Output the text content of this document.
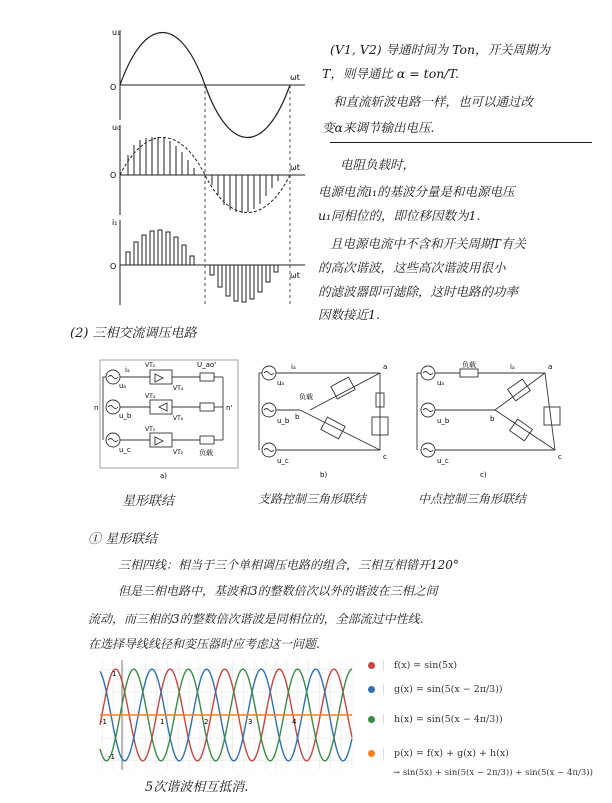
u₁
O
ωt
u₀
O
ωt
i₁
O
ωt
(V1, V2) 导通时间为 Ton，开关周期为
T，则导通比 α = ton/T.
和直流斩波电路一样，也可以通过改
变α来调节输出电压.
电阻负载时，
电源电流i₁的基波分量是和电源电压
u₁同相位的，即位移因数为1.
且电源电流中不含和开关周期T有关
的高次谐波，这些高次谐波用很小
的滤波器即可滤除，这时电路的功率
因数接近1.
(2) 三相交流调压电路
iₐ
uₐ
u_b
u_c
VT₁
VT₄
VT₃
VT₆
VT₅
VT₂
U_ao'
n	n'
负载
a)
iₐ
uₐ
u_b
u_c
a
b
c
负载
b)
iₐ
uₐ
u_b
u_c
a
b
c
负载
c)
星形联结	支路控制三角形联结	中点控制三角形联结
① 星形联结
三相四线：相当于三个单相调压电路的组合，三相互相错开120°
但是三相电路中，基波和3的整数倍次以外的谐波在三相之间
流动，而三相的3的整数倍次谐波是同相位的，全部流过中性线.
在选择导线线径和变压器时应考虑这一问题.
1
-1
-1	1	2	3	4
5次谐波相互抵消.
f(x) = sin(5x)
g(x) = sin(5(x − 2π/3))
h(x) = sin(5(x − 4π/3))
p(x) = f(x) + g(x) + h(x)
→ sin(5x) + sin(5(x − 2π/3)) + sin(5(x − 4π/3))
